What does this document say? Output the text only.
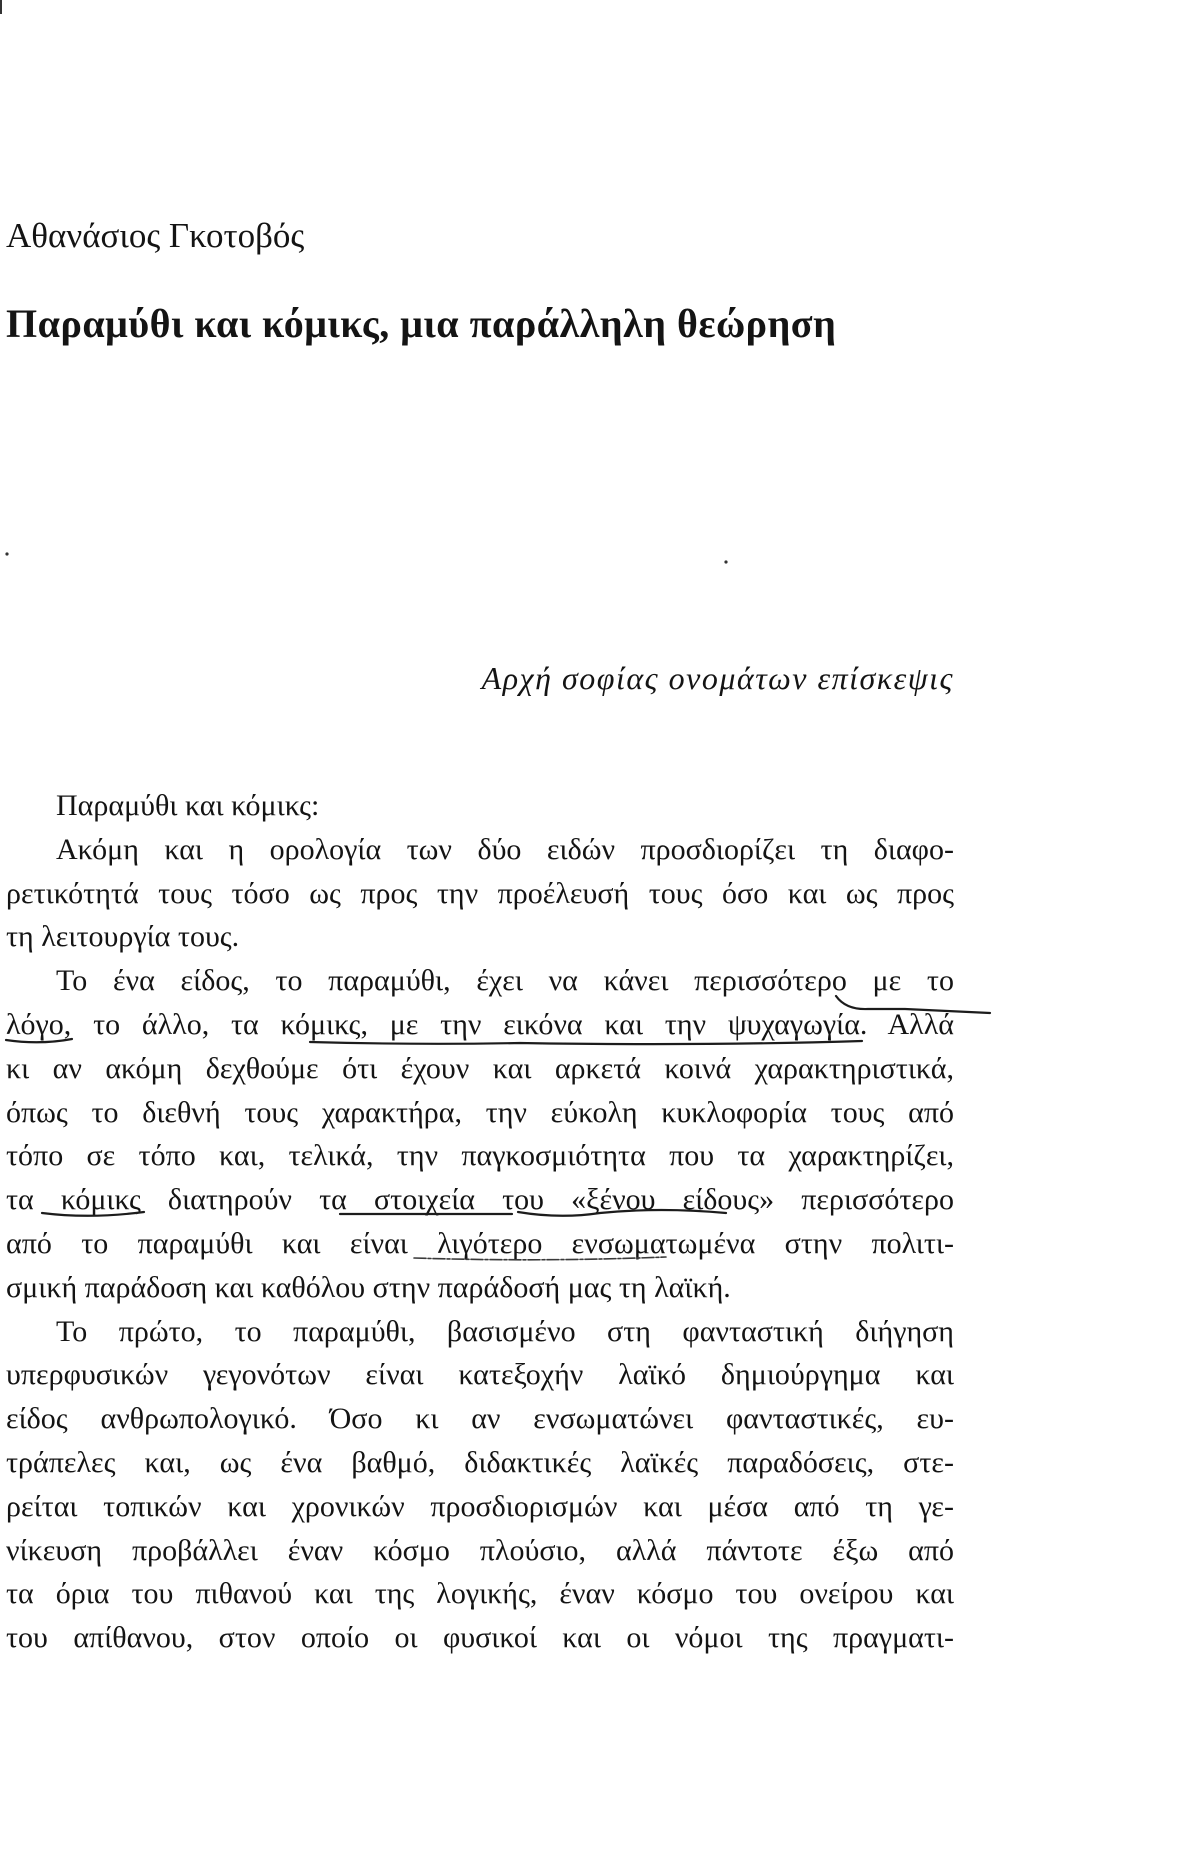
Αθανάσιος Γκοτοβός
Παραμύθι και κόμικς, μια παράλληλη θεώρηση
Αρχή σοφίας ονομάτων επίσκεψις
Παραμύθι και κόμικς:
Ακόμη και η ορολογία των δύο ειδών προσδιορίζει τη διαφο-
ρετικότητά τους τόσο ως προς την προέλευσή τους όσο και ως προς
τη λειτουργία τους.
Το ένα είδος, το παραμύθι, έχει να κάνει περισσότερο με το
λόγο, το άλλο, τα κόμικς, με την εικόνα και την ψυχαγωγία. Αλλά
κι αν ακόμη δεχθούμε ότι έχουν και αρκετά κοινά χαρακτηριστικά,
όπως το διεθνή τους χαρακτήρα, την εύκολη κυκλοφορία τους από
τόπο σε τόπο και, τελικά, την παγκοσμιότητα που τα χαρακτηρίζει,
τα κόμικς διατηρούν τα στοιχεία του «ξένου είδους» περισσότερο
από το παραμύθι και είναι λιγότερο ενσωματωμένα στην πολιτι-
σμική παράδοση και καθόλου στην παράδοσή μας τη λαϊκή.
Το πρώτο, το παραμύθι, βασισμένο στη φανταστική διήγηση
υπερφυσικών γεγονότων είναι κατεξοχήν λαϊκό δημιούργημα και
είδος ανθρωπολογικό. Όσο κι αν ενσωματώνει φανταστικές, ευ-
τράπελες και, ως ένα βαθμό, διδακτικές λαϊκές παραδόσεις, στε-
ρείται τοπικών και χρονικών προσδιορισμών και μέσα από τη γε-
νίκευση προβάλλει έναν κόσμο πλούσιο, αλλά πάντοτε έξω από
τα όρια του πιθανού και της λογικής, έναν κόσμο του ονείρου και
του απίθανου, στον οποίο οι φυσικοί και οι νόμοι της πραγματι-
